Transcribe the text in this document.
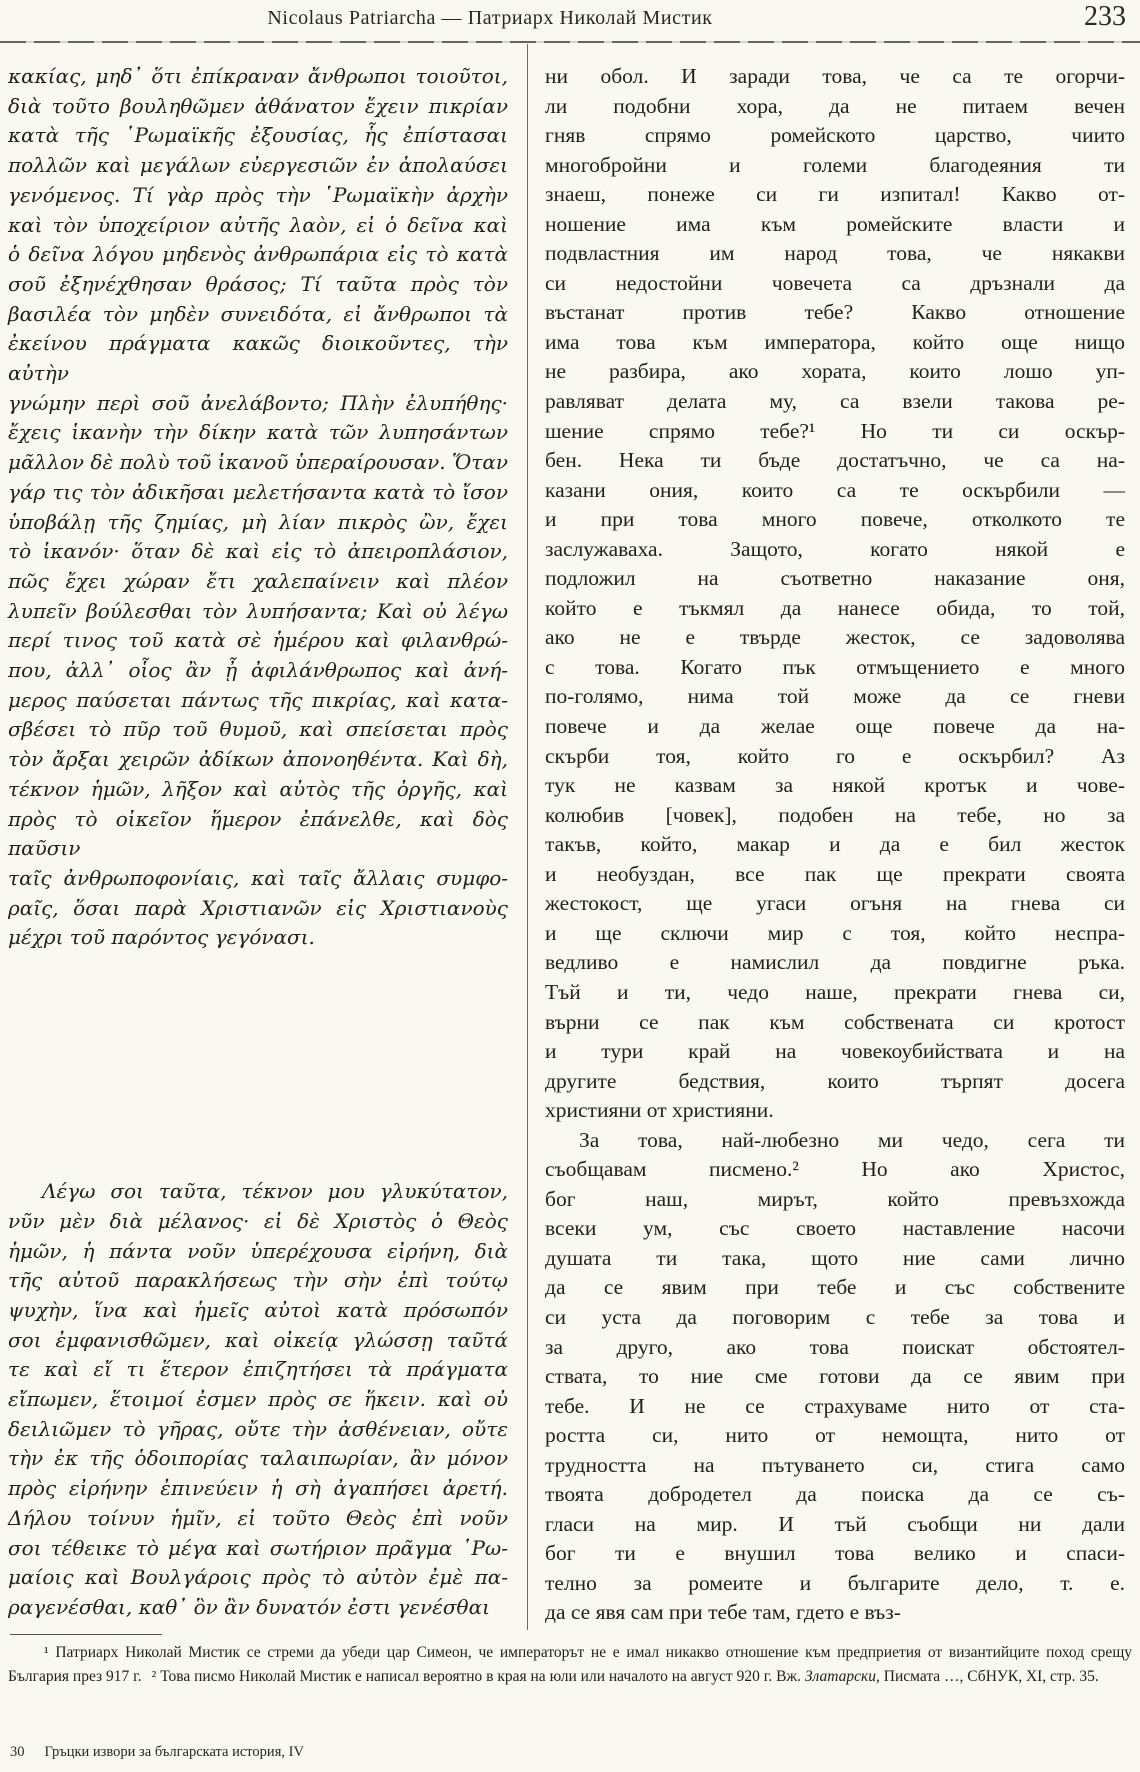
Nicolaus Patriarcha — Патриарх Николай Мистик	233
κακίας, μηδ᾽ ὅτι ἐπίκραναν ἄνθρωποι τοιοῦτοι,
διὰ τοῦτο βουληθῶμεν ἀθάνατον ἔχειν πικρίαν
κατὰ τῆς ῾Ρωμαϊκῆς ἐξουσίας, ἧς ἐπίστασαι
πολλῶν καὶ μεγάλων εὐεργεσιῶν ἐν ἀπολαύσει
γενόμενος. Τί γὰρ πρὸς τὴν ῾Ρωμαϊκὴν ἀρχὴν
καὶ τὸν ὑποχείριον αὐτῆς λαὸν, εἰ ὁ δεῖνα καὶ
ὁ δεῖνα λόγου μηδενὸς ἀνθρωπάρια εἰς τὸ κατὰ
σοῦ ἐξηνέχθησαν θράσος; Τί ταῦτα πρὸς τὸν
βασιλέα τὸν μηδὲν συνειδότα, εἰ ἄνθρωποι τὰ
ἐκείνου πράγματα κακῶς διοικοῦντες, τὴν αὐτὴν
γνώμην περὶ σοῦ ἀνελάβοντο; Πλὴν ἐλυπήθης·
ἔχεις ἱκανὴν τὴν δίκην κατὰ τῶν λυπησάντων
μᾶλλον δὲ πολὺ τοῦ ἱκανοῦ ὑπεραίρουσαν. Ὅταν
γάρ τις τὸν ἀδικῆσαι μελετήσαντα κατὰ τὸ ἴσον
ὑποβάλῃ τῆς ζημίας, μὴ λίαν πικρὸς ὢν, ἔχει
τὸ ἱκανόν· ὅταν δὲ καὶ εἰς τὸ ἀπειροπλάσιον,
πῶς ἔχει χώραν ἔτι χαλεπαίνειν καὶ πλέον
λυπεῖν βούλεσθαι τὸν λυπήσαντα; Καὶ οὐ λέγω
περί τινος τοῦ κατὰ σὲ ἡμέρου καὶ φιλανθρώ-
που, ἀλλ᾽ οἷος ἂν ᾖ ἀφιλάνθρωπος καὶ ἀνή-
μερος παύσεται πάντως τῆς πικρίας, καὶ κατα-
σβέσει τὸ πῦρ τοῦ θυμοῦ, καὶ σπείσεται πρὸς
τὸν ἄρξαι χειρῶν ἀδίκων ἀπονοηθέντα. Καὶ δὴ,
τέκνον ἡμῶν, λῆξον καὶ αὐτὸς τῆς ὀργῆς, καὶ
πρὸς τὸ οἰκεῖον ἥμερον ἐπάνελθε, καὶ δὸς παῦσιν
ταῖς ἀνθρωποφονίαις, καὶ ταῖς ἄλλαις συμφο-
ραῖς, ὅσαι παρὰ Χριστιανῶν εἰς Χριστιανοὺς
μέχρι τοῦ παρόντος γεγόνασι.
Λέγω σοι ταῦτα, τέκνον μου γλυκύτατον,
νῦν μὲν διὰ μέλανος· εἰ δὲ Χριστὸς ὁ Θεὸς
ἡμῶν, ἡ πάντα νοῦν ὑπερέχουσα εἰρήνη, διὰ
τῆς αὐτοῦ παρακλήσεως τὴν σὴν ἐπὶ τούτῳ
ψυχὴν, ἵνα καὶ ἡμεῖς αὐτοὶ κατὰ πρόσωπόν
σοι ἐμφανισθῶμεν, καὶ οἰκείᾳ γλώσσῃ ταῦτά
τε καὶ εἴ τι ἕτερον ἐπιζητήσει τὰ πράγματα
εἴπωμεν, ἕτοιμοί ἐσμεν πρὸς σε ἥκειν. καὶ οὐ
δειλιῶμεν τὸ γῆρας, οὔτε τὴν ἀσθένειαν, οὔτε
τὴν ἐκ τῆς ὁδοιπορίας ταλαιπωρίαν, ἂν μόνον
πρὸς εἰρήνην ἐπινεύειν ἡ σὴ ἀγαπήσει ἀρετή.
Δήλου τοίνυν ἡμῖν, εἰ τοῦτο Θεὸς ἐπὶ νοῦν
σοι τέθεικε τὸ μέγα καὶ σωτήριον πρᾶγμα ῾Ρω-
μαίοις καὶ Βουλγάροις πρὸς τὸ αὐτὸν ἐμὲ πα-
ραγενέσθαι, καθ᾽ ὃν ἂν δυνατόν ἐστι γενέσθαι
ни обол. И заради това, че са те огорчи-
ли подобни хора, да не питаем вечен
гняв спрямо ромейското царство, чиито
многобройни и големи благодеяния ти
знаеш, понеже си ги изпитал! Какво от-
ношение има към ромейските власти и
подвластния им народ това, че някакви
си недостойни човечета са дръзнали да
въстанат против тебе? Какво отношение
има това към императора, който още нищо
не разбира, ако хората, които лошо уп-
равляват делата му, са взели такова ре-
шение спрямо тебе?¹ Но ти си оскър-
бен. Нека ти бъде достатъчно, че са на-
казани ония, които са те оскърбили —
и при това много повече, отколкото те
заслужаваха. Защото, когато някой е
подложил на съответно наказание оня,
който е тъкмял да нанесе обида, то той,
ако не е твърде жесток, се задоволява
с това. Когато пък отмъщението е много
по-голямо, нима той може да се гневи
повече и да желае още повече да на-
скърби тоя, който го е оскърбил? Аз
тук не казвам за някой кротък и чове-
колюбив [човек], подобен на тебе, но за
такъв, който, макар и да е бил жесток
и необуздан, все пак ще прекрати своята
жестокост, ще угаси огъня на гнева си
и ще сключи мир с тоя, който неспра-
ведливо е намислил да повдигне ръка.
Тъй и ти, чедо наше, прекрати гнева си,
върни се пак към собствената си кротост
и тури край на човекоубийствата и на
другите бедствия, които търпят досега
християни от християни.
За това, най-любезно ми чедо, сега ти
съобщавам писмено.² Но ако Христос,
бог наш, мирът, който превъзхожда
всеки ум, със своето наставление насочи
душата ти така, щото ние сами лично
да се явим при тебе и със собствените
си уста да поговорим с тебе за това и
за друго, ако това поискат обстоятел-
ствата, то ние сме готови да се явим при
тебе. И не се страхуваме нито от ста-
ростта си, нито от немощта, нито от
трудността на пътуването си, стига само
твоята добродетел да поиска да се съ-
гласи на мир. И тъй съобщи ни дали
бог ти е внушил това велико и спаси-
телно за ромеите и българите дело, т. е.
да се явя сам при тебе там, гдето е въз-
¹ Патриарх Николай Мистик се стреми да убеди цар Симеон, че императорът не е имал никакво отношение към предприетия от византийците поход срещу България през 917 г. ² Това писмо Николай Мистик е написал вероятно в края на юли или началото на август 920 г. Вж. Златарски, Писмата …, СбНУК, XI, стр. 35.
30 Гръцки извори за българската история, IV
